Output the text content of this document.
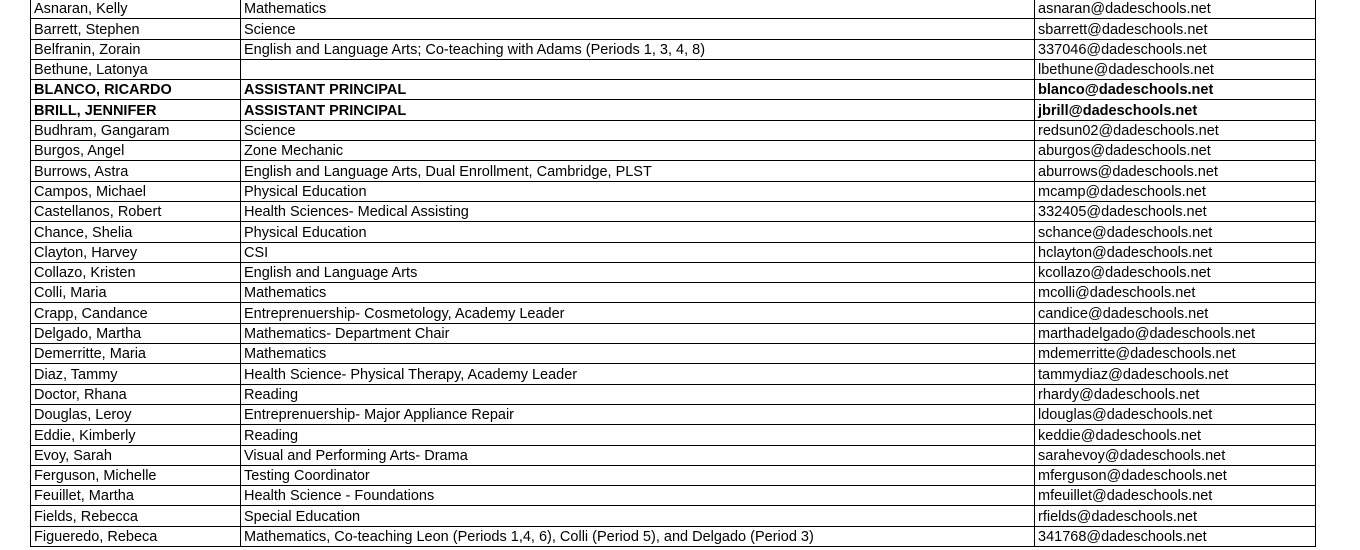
Asnaran, Kelly	Mathematics	asnaran@dadeschools.net
Barrett, Stephen	Science	sbarrett@dadeschools.net
Belfranin, Zorain	English and Language Arts; Co-teaching with Adams (Periods 1, 3, 4, 8)	337046@dadeschools.net
Bethune, Latonya		lbethune@dadeschools.net
BLANCO, RICARDO	ASSISTANT PRINCIPAL	blanco@dadeschools.net
BRILL, JENNIFER	ASSISTANT PRINCIPAL	jbrill@dadeschools.net
Budhram, Gangaram	Science	redsun02@dadeschools.net
Burgos, Angel	Zone Mechanic	aburgos@dadeschools.net
Burrows, Astra	English and Language Arts, Dual Enrollment, Cambridge, PLST	aburrows@dadeschools.net
Campos, Michael	Physical Education	mcamp@dadeschools.net
Castellanos, Robert	Health Sciences- Medical Assisting	332405@dadeschools.net
Chance, Shelia	Physical Education	schance@dadeschools.net
Clayton, Harvey	CSI	hclayton@dadeschools.net
Collazo, Kristen	English and Language Arts	kcollazo@dadeschools.net
Colli, Maria	Mathematics	mcolli@dadeschools.net
Crapp, Candance	Entreprenuership- Cosmetology, Academy Leader	candice@dadeschools.net
Delgado, Martha	Mathematics- Department Chair	marthadelgado@dadeschools.net
Demerritte, Maria	Mathematics	mdemerritte@dadeschools.net
Diaz, Tammy	Health Science- Physical Therapy, Academy Leader	tammydiaz@dadeschools.net
Doctor, Rhana	Reading	rhardy@dadeschools.net
Douglas, Leroy	Entreprenuership- Major Appliance Repair	ldouglas@dadeschools.net
Eddie, Kimberly	Reading	keddie@dadeschools.net
Evoy, Sarah	Visual and Performing Arts- Drama	sarahevoy@dadeschools.net
Ferguson, Michelle	Testing Coordinator	mferguson@dadeschools.net
Feuillet, Martha	Health Science - Foundations	mfeuillet@dadeschools.net
Fields, Rebecca	Special Education	rfields@dadeschools.net
Figueredo, Rebeca	Mathematics, Co-teaching Leon (Periods 1,4, 6), Colli (Period 5), and Delgado (Period 3)	341768@dadeschools.net
